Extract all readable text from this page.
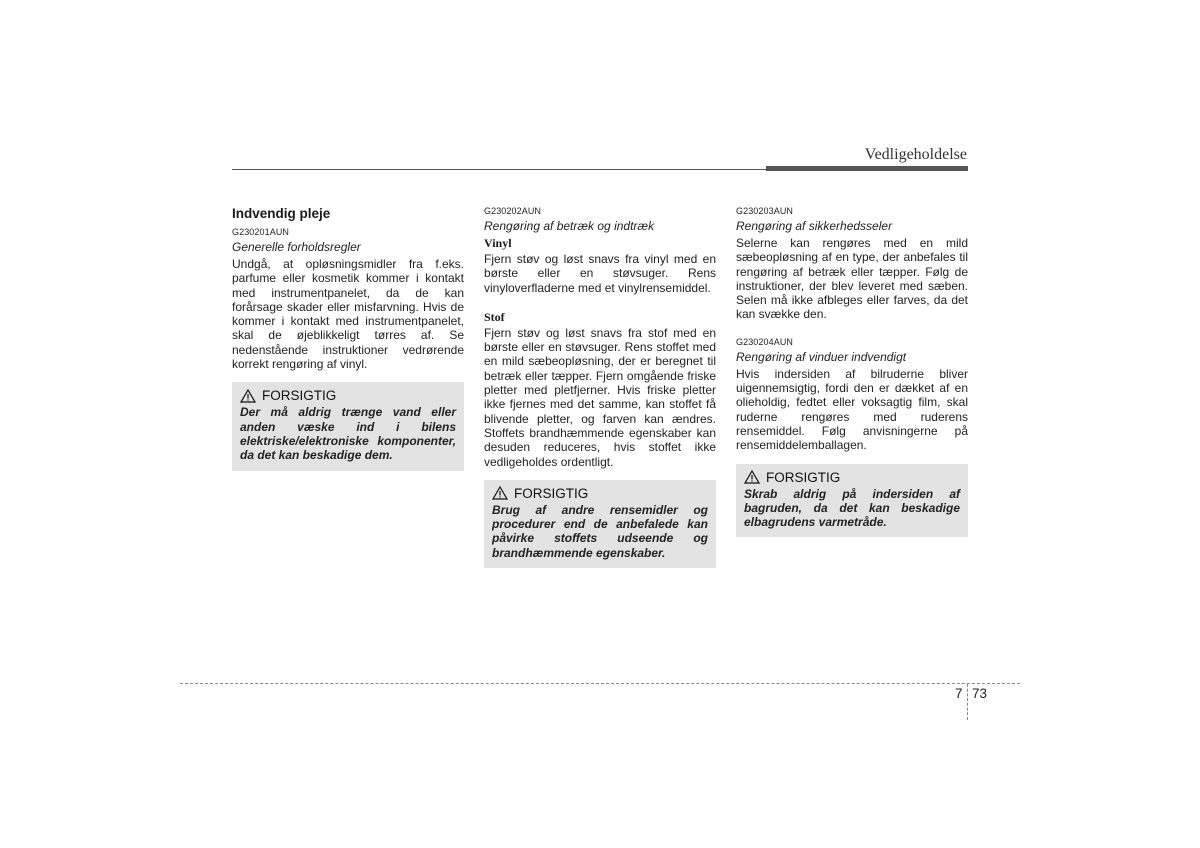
Vedligeholdelse

Indvendig pleje

G230201AUN

Generelle forholdsregler

Undgå, at opløsningsmidler fra f.eks. parfume eller kosmetik kommer i kontakt med instrumentpanelet, da de kan forårsage skader eller misfarvning. Hvis de kommer i kontakt med instrumentpanelet, skal de øjeblikkeligt tørres af. Se nedenstående instruktioner vedrørende korrekt rengøring af vinyl.

FORSIGTIG

Der må aldrig trænge vand eller anden væske ind i bilens elektriske/elektroniske komponenter, da det kan beskadige dem.

G230202AUN

Rengøring af betræk og indtræk

Vinyl

Fjern støv og løst snavs fra vinyl med en børste eller en støvsuger. Rens vinyloverfladerne med et vinylrensemiddel.

Stof

Fjern støv og løst snavs fra stof med en børste eller en støvsuger. Rens stoffet med en mild sæbeopløsning, der er beregnet til betræk eller tæpper. Fjern omgående friske pletter med pletfjerner. Hvis friske pletter ikke fjernes med det samme, kan stoffet få blivende pletter, og farven kan ændres. Stoffets brandhæmmende egenskaber kan desuden reduceres, hvis stoffet ikke vedligeholdes ordentligt.

FORSIGTIG

Brug af andre rensemidler og procedurer end de anbefalede kan påvirke stoffets udseende og brandhæmmende egenskaber.

G230203AUN

Rengøring af sikkerhedsseler

Selerne kan rengøres med en mild sæbeopløsning af en type, der anbefales til rengøring af betræk eller tæpper. Følg de instruktioner, der blev leveret med sæben. Selen må ikke afbleges eller farves, da det kan svække den.

G230204AUN

Rengøring af vinduer indvendigt

Hvis indersiden af bilruderne bliver uigennemsigtig, fordi den er dækket af en olieholdig, fedtet eller voksagtig film, skal ruderne rengøres med ruderens rensemiddel. Følg anvisningerne på rensemiddelemballagen.

FORSIGTIG

Skrab aldrig på indersiden af bagruden, da det kan beskadige elbagrudens varmetråde.

7 73
